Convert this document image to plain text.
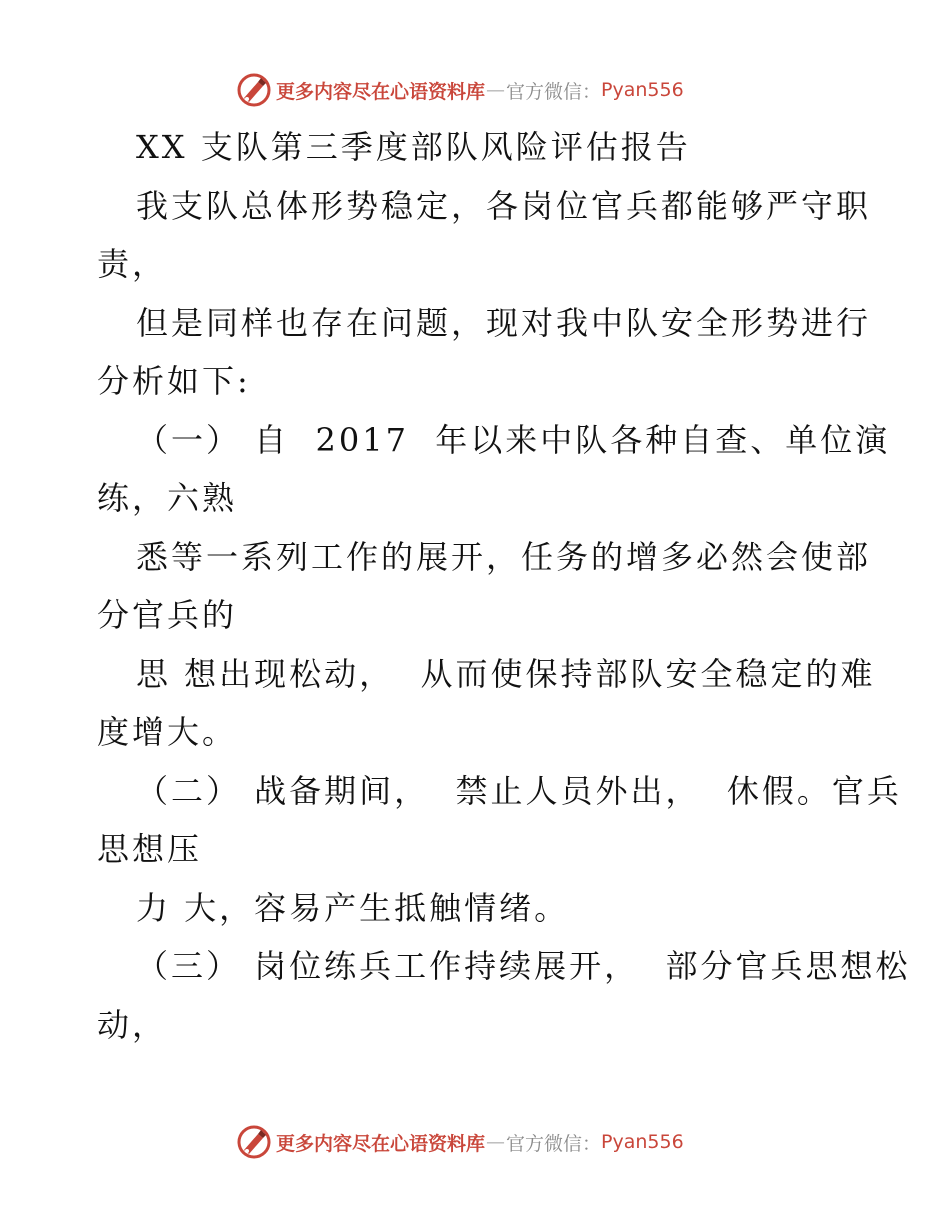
更多内容尽在心语资料库 — 官方微信： Pyan556
XX 支队第三季度部队风险评估报告
我支队总体形势稳定，各岗位官兵都能够严守职
责，
但是同样也存在问题，现对我中队安全形势进行
分析如下:
（一） 自  2017  年以来中队各种自查、单位演
练，六熟
悉等一系列工作的展开，任务的增多必然会使部
分官兵的
思 想出现松动，  从而使保持部队安全稳定的难
度增大。
（二） 战备期间，  禁止人员外出，  休假。官兵
思想压
力 大，容易产生抵触情绪。
（三） 岗位练兵工作持续展开，  部分官兵思想松
动，
更多内容尽在心语资料库 — 官方微信： Pyan556
